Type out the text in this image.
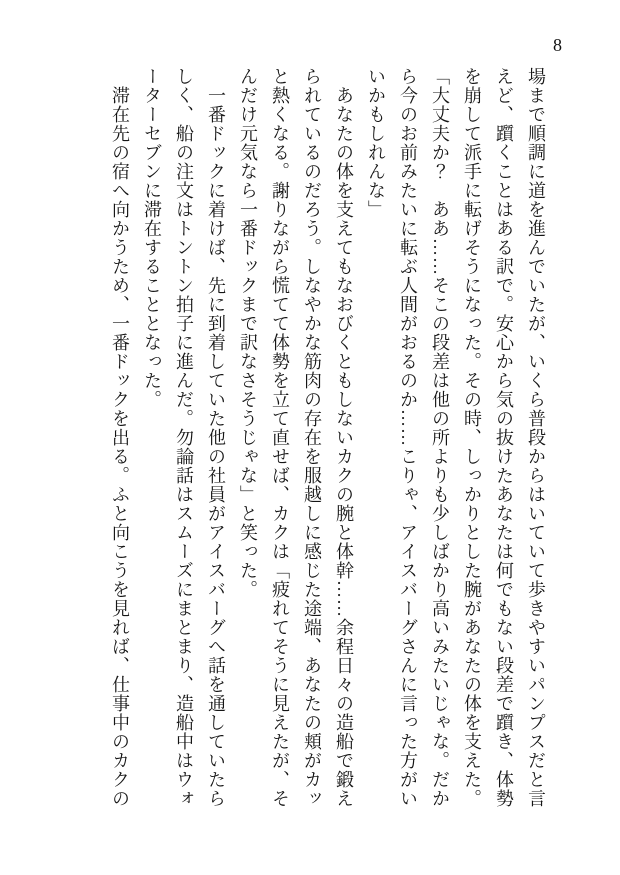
8
場まで順調に道を進んでいたが、いくら普段からはいていて歩きやすいパンプスだと言
えど、躓くことはある訳で。安心から気の抜けたあなたは何でもない段差で躓き、体勢
を崩して派手に転げそうになった。その時、しっかりとした腕があなたの体を支えた。
「大丈夫か？　ああ……そこの段差は他の所よりも少しばかり高いみたいじゃな。だか
ら今のお前みたいに転ぶ人間がおるのか……こりゃ、アイスバーグさんに言った方がい
いかもしれんな」
　あなたの体を支えてもなおびくともしないカクの腕と体幹……余程日々の造船で鍛え
られているのだろう。しなやかな筋肉の存在を服越しに感じた途端、あなたの頬がカッ
と熱くなる。謝りながら慌てて体勢を立て直せば、カクは「疲れてそうに見えたが、そ
んだけ元気なら一番ドックまで訳なさそうじゃな」と笑った。
　一番ドックに着けば、先に到着していた他の社員がアイスバーグへ話を通していたら
しく、船の注文はトントン拍子に進んだ。勿論話はスムーズにまとまり、造船中はウォ
ーターセブンに滞在することとなった。
　滞在先の宿へ向かうため、一番ドックを出る。ふと向こうを見れば、仕事中のカクの
